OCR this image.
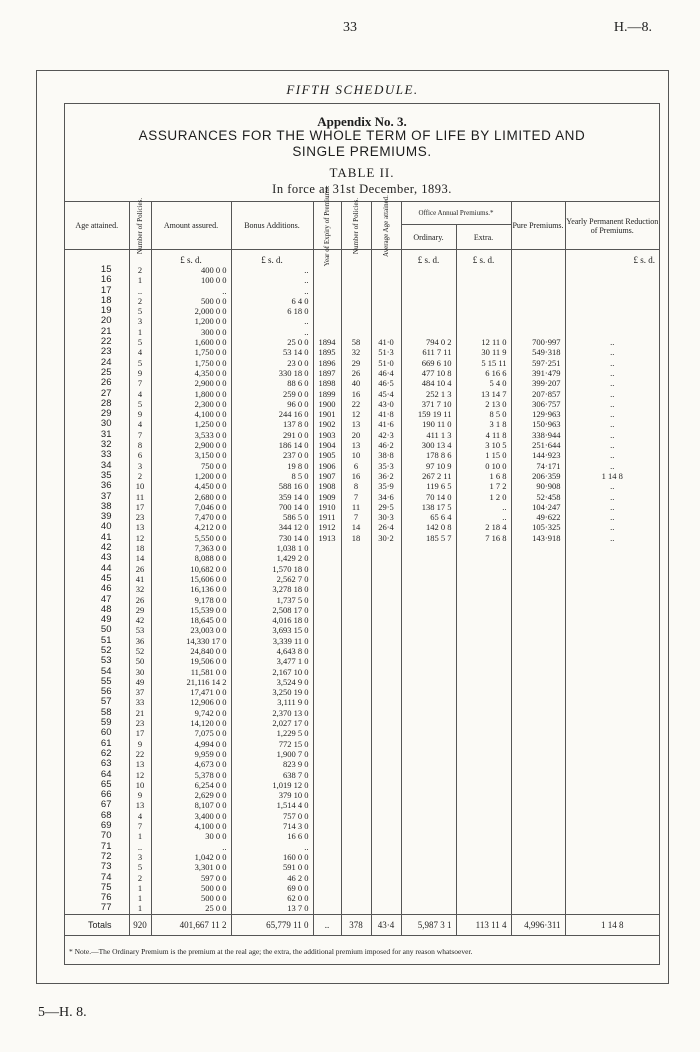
33	H.—8.
FIFTH SCHEDULE.
Appendix No. 3.
ASSURANCES FOR THE WHOLE TERM OF LIFE BY LIMITED AND
SINGLE PREMIUMS.
TABLE II.
In force at 31st December, 1893.
Age attained.	Number of Policies.	Amount assured.	Bonus Additions.	Year of Expiry of Premiums.	Number of Policies.	Average Age attained.	Office Annual Premiums.*		Pure Premiums.	Yearly Permanent Reduction of Premiums.
							Ordinary.	Extra.		
		£ s. d.	£ s. d.				£ s. d.	£ s. d.		£ s. d.
15	2	400 0 0	..							
16	1	100 0 0	..							
17	..	..	..							
18	2	500 0 0	6 4 0							
19	5	2,000 0 0	6 18 0							
20	3	1,200 0 0	..							
21	1	300 0 0	..							
22	5	1,600 0 0	25 0 0	1894	58	41·0	794 0 2	12 11 0	700·997	..
23	4	1,750 0 0	53 14 0	1895	32	51·3	611 7 11	30 11 9	549·318	..
24	5	1,750 0 0	23 0 0	1896	29	51·0	669 6 10	5 15 11	597·251	..
25	9	4,350 0 0	330 18 0	1897	26	46·4	477 10 8	6 16 6	391·479	..
26	7	2,900 0 0	88 6 0	1898	40	46·5	484 10 4	5 4 0	399·207	..
27	4	1,800 0 0	259 0 0	1899	16	45·4	252 1 3	13 14 7	207·857	..
28	5	2,300 0 0	96 0 0	1900	22	43·0	371 7 10	2 13 0	306·757	..
29	9	4,100 0 0	244 16 0	1901	12	41·8	159 19 11	8 5 0	129·963	..
30	4	1,250 0 0	137 8 0	1902	13	41·6	190 11 0	3 1 8	150·963	..
31	7	3,533 0 0	291 0 0	1903	20	42·3	411 1 3	4 11 8	338·944	..
32	8	2,900 0 0	186 14 0	1904	13	46·2	300 13 4	3 10 5	251·644	..
33	6	3,150 0 0	237 0 0	1905	10	38·8	178 8 6	1 15 0	144·923	..
34	3	750 0 0	19 8 0	1906	6	35·3	97 10 9	0 10 0	74·171	..
35	2	1,200 0 0	8 5 0	1907	16	36·2	267 2 11	1 6 8	206·359	1 14 8
36	10	4,450 0 0	588 16 0	1908	8	35·9	119 6 5	1 7 2	90·908	..
37	11	2,680 0 0	359 14 0	1909	7	34·6	70 14 0	1 2 0	52·458	..
38	17	7,046 0 0	700 14 0	1910	11	29·5	138 17 5	..	104·247	..
39	23	7,470 0 0	586 5 0	1911	7	30·3	65 6 4	..	49·622	..
40	13	4,212 0 0	344 12 0	1912	14	26·4	142 0 8	2 18 4	105·325	..
41	12	5,550 0 0	730 14 0	1913	18	30·2	185 5 7	7 16 8	143·918	..
42	18	7,363 0 0	1,038 1 0							
43	14	8,088 0 0	1,429 2 0							
44	26	10,682 0 0	1,570 18 0							
45	41	15,606 0 0	2,562 7 0							
46	32	16,136 0 0	3,278 18 0							
47	26	9,178 0 0	1,737 5 0							
48	29	15,539 0 0	2,508 17 0							
49	42	18,645 0 0	4,016 18 0							
50	53	23,003 0 0	3,693 15 0							
51	36	14,330 17 0	3,339 11 0							
52	52	24,840 0 0	4,643 8 0							
53	50	19,506 0 0	3,477 1 0							
54	30	11,581 0 0	2,167 10 0							
55	49	21,116 14 2	3,524 9 0							
56	37	17,471 0 0	3,250 19 0							
57	33	12,906 0 0	3,111 9 0							
58	21	9,742 0 0	2,370 13 0							
59	23	14,120 0 0	2,027 17 0							
60	17	7,075 0 0	1,229 5 0							
61	9	4,994 0 0	772 15 0							
62	22	9,959 0 0	1,900 7 0							
63	13	4,673 0 0	823 9 0							
64	12	5,378 0 0	638 7 0							
65	10	6,254 0 0	1,019 12 0							
66	9	2,629 0 0	379 10 0							
67	13	8,107 0 0	1,514 4 0							
68	4	3,400 0 0	757 0 0							
69	7	4,100 0 0	714 3 0							
70	1	30 0 0	16 6 0							
71	..	..	..							
72	3	1,042 0 0	160 0 0							
73	5	3,301 0 0	591 0 0							
74	2	597 0 0	46 2 0							
75	1	500 0 0	69 0 0							
76	1	500 0 0	62 0 0							
77	1	25 0 0	13 7 0							
Totals	920	401,667 11 2	65,779 11 0	..	378	43·4	5,987 3 1	113 11 4	4,996·311	1 14 8
* Note.—The Ordinary Premium is the premium at the real age; the extra, the additional premium imposed for any reason whatsoever.
5—H. 8.
